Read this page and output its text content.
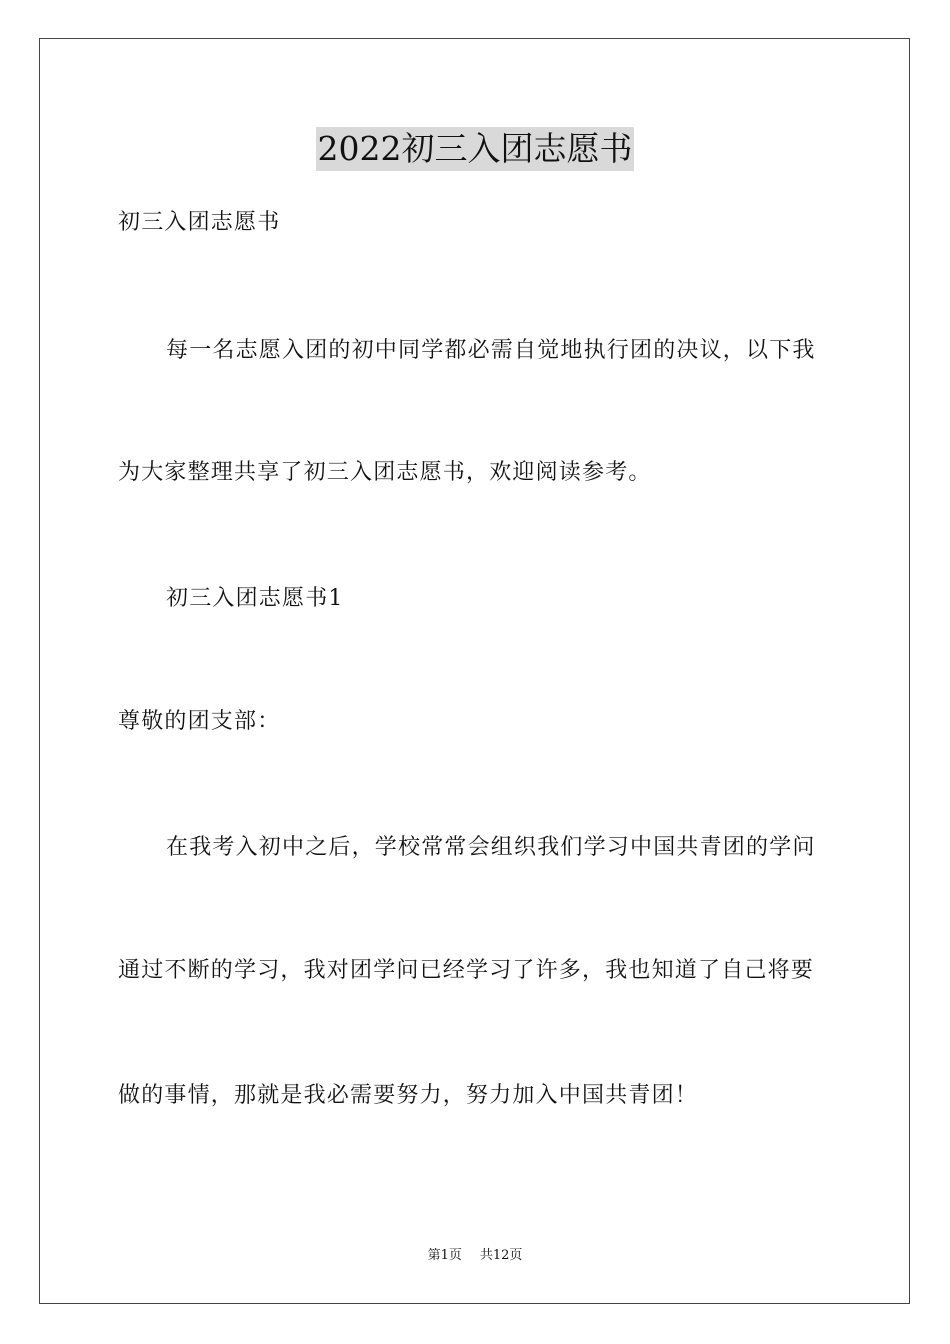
2022初三入团志愿书
初三入团志愿书
每一名志愿入团的初中同学都必需自觉地执行团的决议，以下我
为大家整理共享了初三入团志愿书，欢迎阅读参考。
初三入团志愿书1
尊敬的团支部：
在我考入初中之后，学校常常会组织我们学习中国共青团的学问
通过不断的学习，我对团学问已经学习了许多，我也知道了自己将要
做的事情，那就是我必需要努力，努力加入中国共青团！
第1页 共12页
